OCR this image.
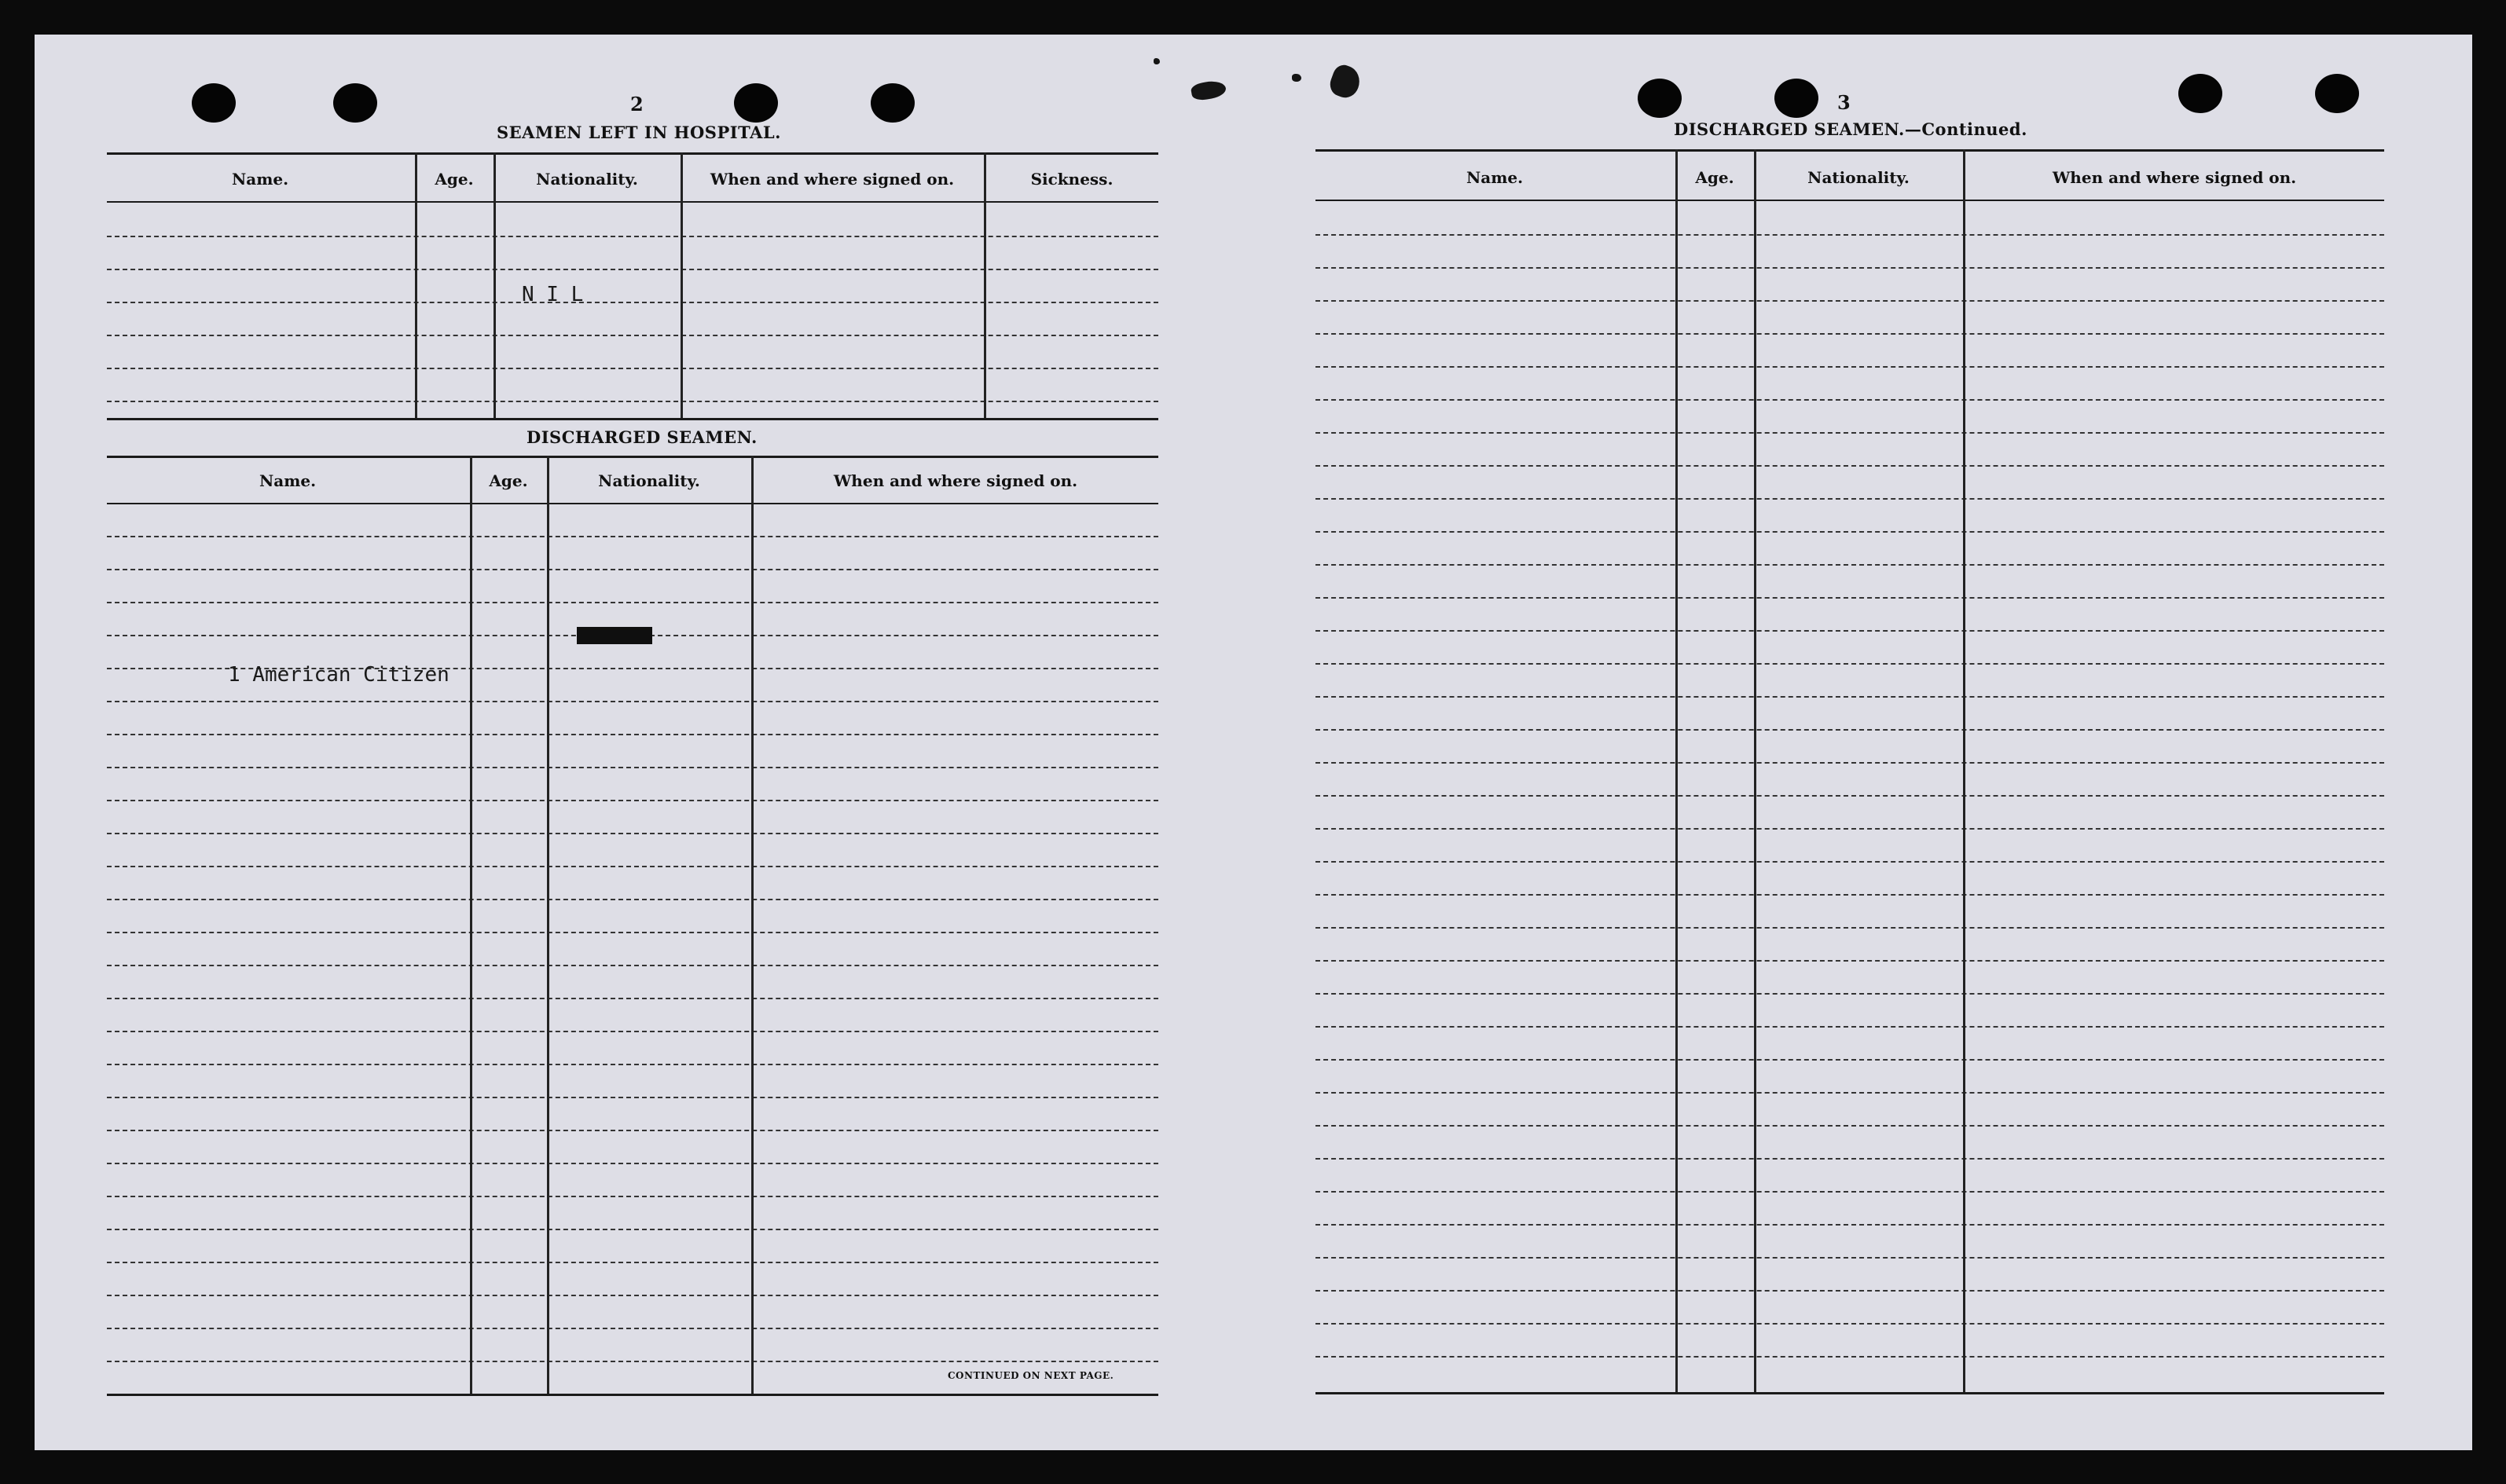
2
SEAMEN LEFT IN HOSPITAL.
Name.	Age.	Nationality.	When and where signed on.	Sickness.
N I L
DISCHARGED SEAMEN.
Name.	Age.	Nationality.	When and where signed on.
1 American Citizen
CONTINUED ON NEXT PAGE.
3
DISCHARGED SEAMEN.—Continued.
Name.	Age.	Nationality.	When and where signed on.
